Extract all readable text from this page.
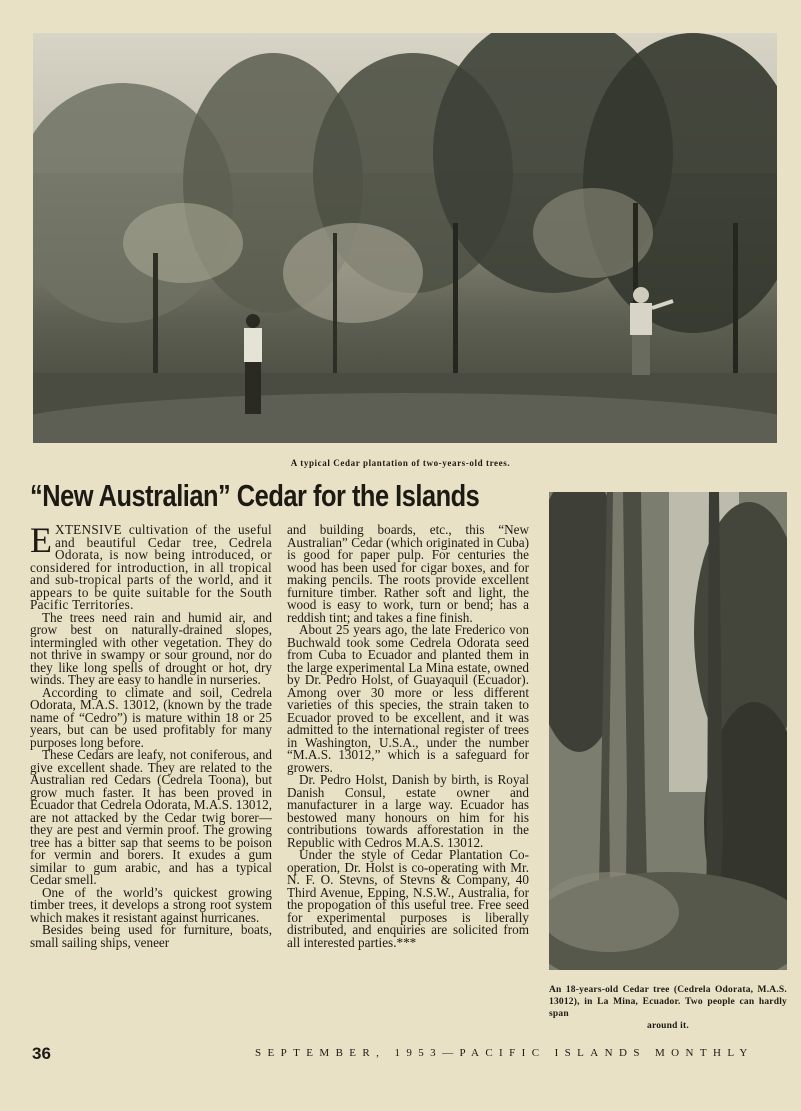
A typical Cedar plantation of two-years-old trees.
“New Australian” Cedar for the Islands

EXTENSIVE cultivation of the useful and beautiful Cedar tree, Cedrela Odorata, is now being introduced, or considered for introduction, in all tropical and sub-tropical parts of the world, and it appears to be quite suitable for the South Pacific Territories.

The trees need rain and humid air, and grow best on naturally-drained slopes, intermingled with other vegetation. They do not thrive in swampy or sour ground, nor do they like long spells of drought or hot, dry winds. They are easy to handle in nurseries.

According to climate and soil, Cedrela Odorata, M.A.S. 13012, (known by the trade name of “Cedro”) is mature within 18 or 25 years, but can be used profitably for many purposes long before.

These Cedars are leafy, not coniferous, and give excellent shade. They are related to the Australian red Cedars (Cedrela Toona), but grow much faster. It has been proved in Ecuador that Cedrela Odorata, M.A.S. 13012, are not attacked by the Cedar twig borer—they are pest and vermin proof. The growing tree has a bitter sap that seems to be poison for vermin and borers. It exudes a gum similar to gum arabic, and has a typical Cedar smell.

One of the world’s quickest growing timber trees, it develops a strong root system which makes it resistant against hurricanes.

Besides being used for furniture, boats, small sailing ships, veneer

and building boards, etc., this “New Australian” Cedar (which originated in Cuba) is good for paper pulp. For centuries the wood has been used for cigar boxes, and for making pencils. The roots provide excellent furniture timber. Rather soft and light, the wood is easy to work, turn or bend; has a reddish tint; and takes a fine finish.

About 25 years ago, the late Frederico von Buchwald took some Cedrela Odorata seed from Cuba to Ecuador and planted them in the large experimental La Mina estate, owned by Dr. Pedro Holst, of Guayaquil (Ecuador). Among over 30 more or less different varieties of this species, the strain taken to Ecuador proved to be excellent, and it was admitted to the international register of trees in Washington, U.S.A., under the number “M.A.S. 13012,” which is a safeguard for growers.

Dr. Pedro Holst, Danish by birth, is Royal Danish Consul, estate owner and manufacturer in a large way. Ecuador has bestowed many honours on him for his contributions towards afforestation in the Republic with Cedros M.A.S. 13012.

Under the style of Cedar Plantation Co-operation, Dr. Holst is co-operating with Mr. N. F. O. Stevns, of Stevns & Company, 40 Third Avenue, Epping, N.S.W., Australia, for the propogation of this useful tree. Free seed for experimental purposes is liberally distributed, and enquiries are solicited from all interested parties.***

An 18-years-old Cedar tree (Cedrela Odorata, M.A.S. 13012), in La Mina, Ecuador. Two people can hardly span
around it.
36	SEPTEMBER, 1953—PACIFIC ISLANDS MONTHLY
